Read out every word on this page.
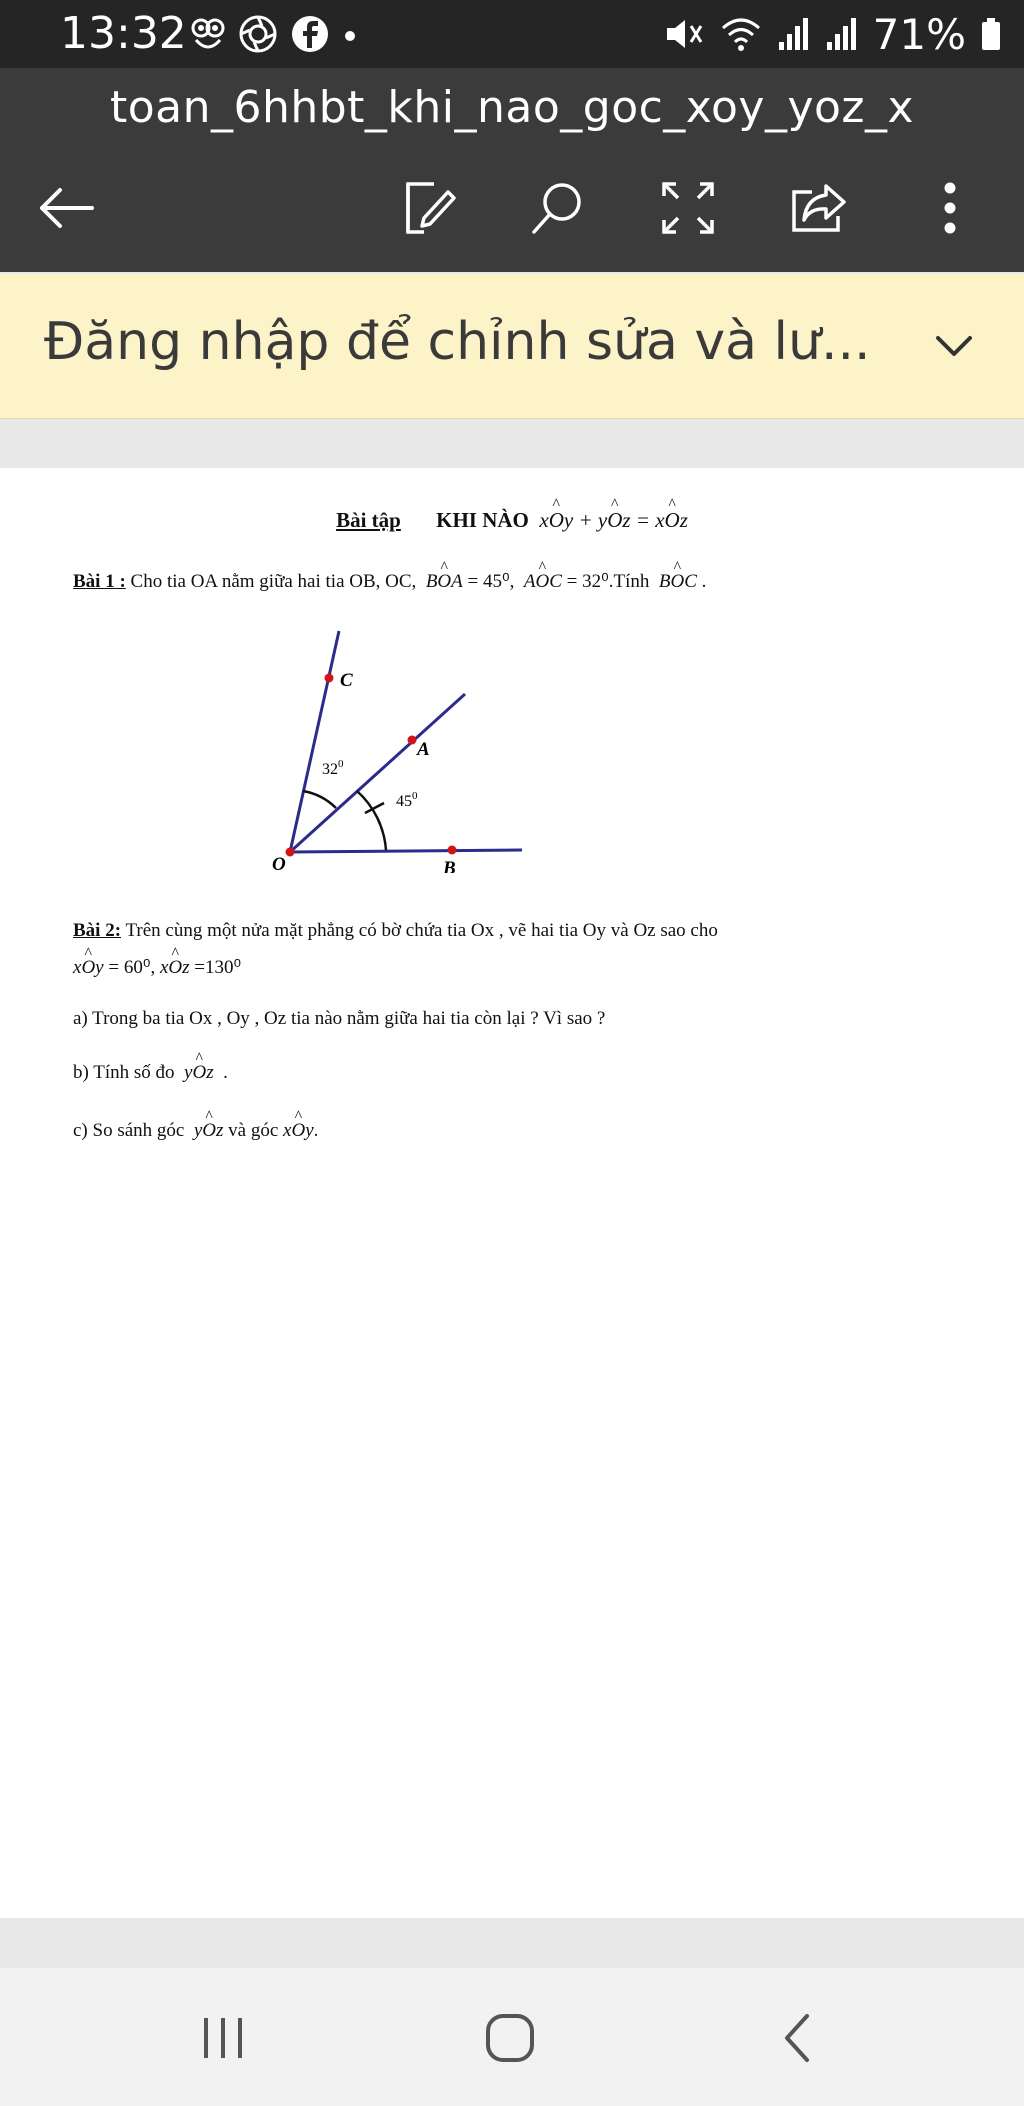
13:32	71%
toan_6hhbt_khi_nao_goc_xoy_yoz_x
Đăng nhập để chỉnh sửa và lư...
Bài tập KHI NÀO  x^ Oy + y^ Oz = x^ Oz
Bài 1 : Cho tia OA nằm giữa hai tia OB, OC,  B^ OA = 45⁰,  A^ OC = 32⁰.Tính  B^ OC .
C
A
O	B
$32^0$
$45^0$
Bài 2: Trên cùng một nửa mặt phẳng có bờ chứa tia Ox , vẽ hai tia Oy và Oz sao cho
x^ Oy = 60⁰, x^ Oz =130⁰
a) Trong ba tia Ox , Oy , Oz tia nào nằm giữa hai tia còn lại ? Vì sao ?
b) Tính số đo  y^ Oz  .
c) So sánh góc  y^ Oz và góc x^ Oy.
